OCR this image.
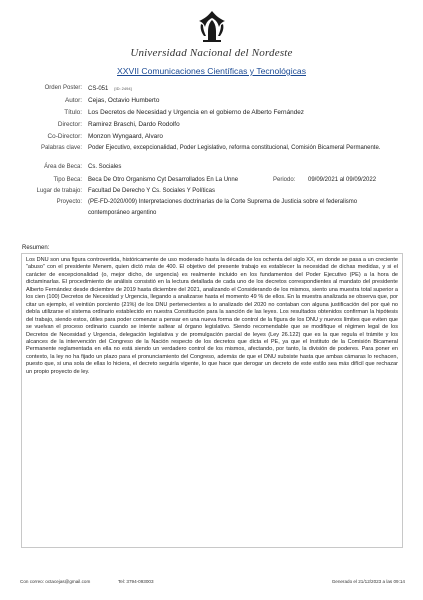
Universidad Nacional del Nordeste
XXVII Comunicaciones Científicas y Tecnológicas
Orden Poster: CS-051 [ID: 2494]
Autor: Cejas, Octavio Humberto
Título: Los Decretos de Necesidad y Urgencia en el gobierno de Alberto Fernández
Director: Ramirez Braschi, Dardo Rodolfo
Co-Director: Monzon Wyngaard, Alvaro
Palabras clave: Poder Ejecutivo, excepcionalidad, Poder Legislativo, reforma constitucional, Comisión Bicameral Permanente.
Área de Beca: Cs. Sociales
Tipo Beca: Beca De Otro Organismo Cyt Desarrollados En La Unne	Periodo: 09/09/2021 al 09/09/2022
Lugar de trabajo: Facultad De Derecho Y Cs. Sociales Y Políticas
Proyecto: (PE-FD-2020/009) Interpretaciones doctrinarias de la Corte Suprema de Justicia sobre el federalismo
contemporáneo argentino
Resumen:
Los DNU son una figura controvertida, históricamente de uso moderado hasta la década de los ochenta del siglo XX, en donde se pasa a un creciente “abuso” con el presidente Menem, quien dictó más de 400. El objetivo del presente trabajo es establecer la necesidad de dichas medidas, y si el carácter de excepcionalidad (o, mejor dicho, de urgencia) es realmente incluido en los fundamentos del Poder Ejecutivo (PE) a la hora de dictaminarlas. El procedimiento de análisis consistió en la lectura detallada de cada uno de los decretos correspondientes al mandato del presidente Alberto Fernández desde diciembre de 2019 hasta diciembre del 2021, analizando el Considerando de los mismos, siento una muestra total superior a los cien (100) Decretos de Necesidad y Urgencia, llegando a analizarse hasta el momento 49 % de ellos. En la muestra analizada se observa que, por citar un ejemplo, el veintiún porciento (21%) de los DNU pertenecientes a lo analizado del 2020 no contaban con alguna justificación del por qué no debía utilizarse el sistema ordinario establecido en nuestra Constitución para la sanción de las leyes. Los resultados obtenidos confirman la hipótesis del trabajo, siendo estos, útiles para poder comenzar a pensar en una nueva forma de control de la figura de los DNU y nuevos límites que eviten que se vuelvan el proceso ordinario cuando se intente saltear al órgano legislativo. Siendo recomendable que se modifique el régimen legal de los Decretos de Necesidad y Urgencia, delegación legislativa y de promulgación parcial de leyes (Ley 26.122) que es la que regula el trámite y los alcances de la intervención del Congreso de la Nación respecto de los decretos que dicta el PE, ya que el Instituto de la Comisión Bicameral Permanente reglamentada en ella no está siendo un verdadero control de los mismos, afectando, por tanto, la división de poderes. Para poner en contexto, la ley no ha fijado un plazo para el pronunciamiento del Congreso, además de que el DNU subsiste hasta que ambas cámaras lo rechacen, puesto que, si una sola de ellas lo hiciera, el decreto seguiría vigente, lo que hace que derogar un decreto de este estilo sea más difícil que rechazar un propio proyecto de ley.
Con correo: octacejas@gmail.com	Tel: 3794-093003	Generado el 21/12/2023 a las 09:14
